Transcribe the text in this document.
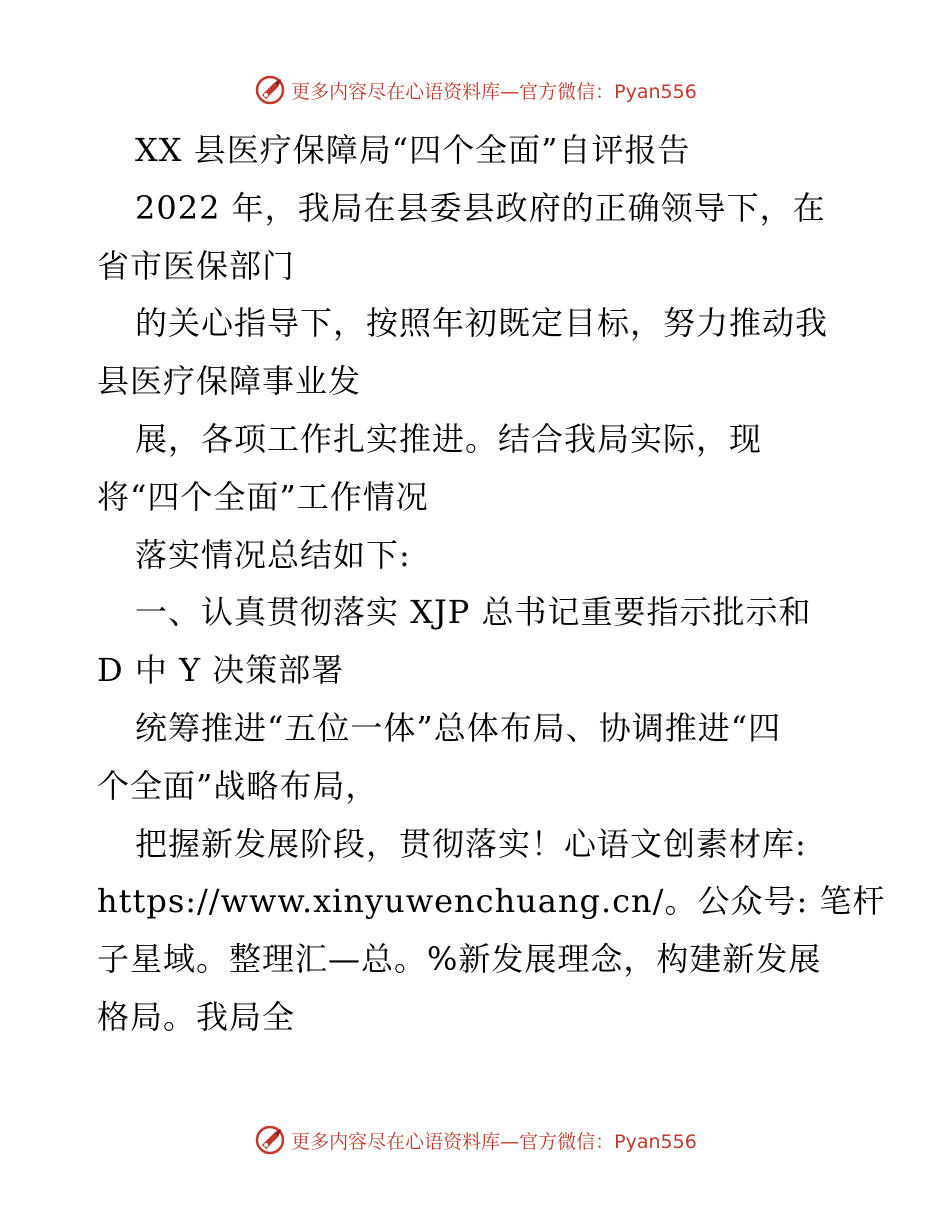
更多内容尽在心语资料库—官方微信：Pyan556
XX 县医疗保障局“四个全面”自评报告
2022 年，我局在县委县政府的正确领导下，在
省市医保部门
的关心指导下，按照年初既定目标，努力推动我
县医疗保障事业发
展，各项工作扎实推进。结合我局实际，现
将“四个全面”工作情况
落实情况总结如下:
一、认真贯彻落实 XJP 总书记重要指示批示和
D 中 Y 决策部署
统筹推进“五位一体”总体布局、协调推进“四
个全面”战略布局，
把握新发展阶段，贯彻落实！心语文创素材库:
https://www.xinyuwenchuang.cn/。公众号: 笔杆
子星域。整理汇—总。%新发展理念，构建新发展
格局。我局全
更多内容尽在心语资料库—官方微信：Pyan556
